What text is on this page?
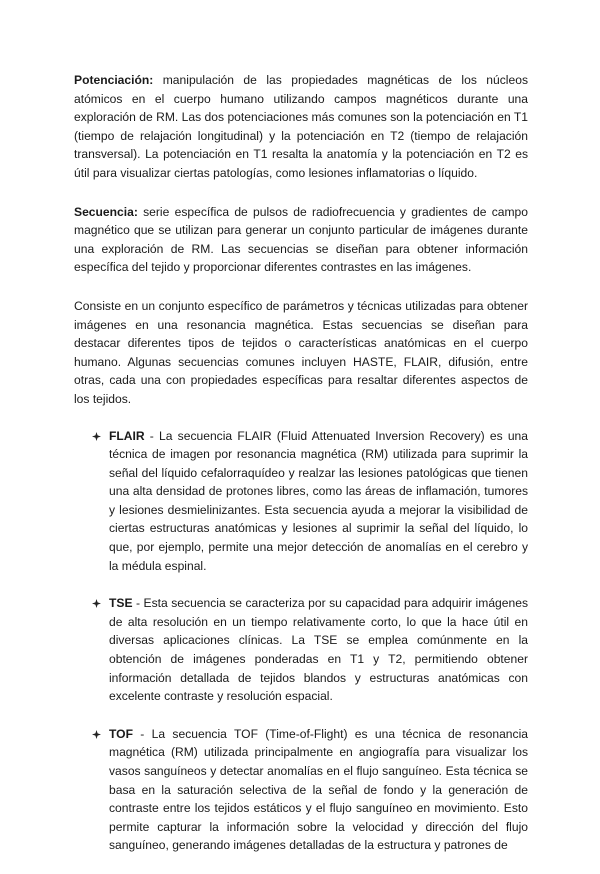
Potenciación: manipulación de las propiedades magnéticas de los núcleos atómicos en el cuerpo humano utilizando campos magnéticos durante una exploración de RM. Las dos potenciaciones más comunes son la potenciación en T1 (tiempo de relajación longitudinal) y la potenciación en T2 (tiempo de relajación transversal). La potenciación en T1 resalta la anatomía y la potenciación en T2 es útil para visualizar ciertas patologías, como lesiones inflamatorias o líquido.

Secuencia: serie específica de pulsos de radiofrecuencia y gradientes de campo magnético que se utilizan para generar un conjunto particular de imágenes durante una exploración de RM. Las secuencias se diseñan para obtener información específica del tejido y proporcionar diferentes contrastes en las imágenes.

Consiste en un conjunto específico de parámetros y técnicas utilizadas para obtener imágenes en una resonancia magnética. Estas secuencias se diseñan para destacar diferentes tipos de tejidos o características anatómicas en el cuerpo humano. Algunas secuencias comunes incluyen HASTE, FLAIR, difusión, entre otras, cada una con propiedades específicas para resaltar diferentes aspectos de los tejidos.

FLAIR - La secuencia FLAIR (Fluid Attenuated Inversion Recovery) es una técnica de imagen por resonancia magnética (RM) utilizada para suprimir la señal del líquido cefalorraquídeo y realzar las lesiones patológicas que tienen una alta densidad de protones libres, como las áreas de inflamación, tumores y lesiones desmielinizantes. Esta secuencia ayuda a mejorar la visibilidad de ciertas estructuras anatómicas y lesiones al suprimir la señal del líquido, lo que, por ejemplo, permite una mejor detección de anomalías en el cerebro y la médula espinal.

TSE - Esta secuencia se caracteriza por su capacidad para adquirir imágenes de alta resolución en un tiempo relativamente corto, lo que la hace útil en diversas aplicaciones clínicas. La TSE se emplea comúnmente en la obtención de imágenes ponderadas en T1 y T2, permitiendo obtener información detallada de tejidos blandos y estructuras anatómicas con excelente contraste y resolución espacial.

TOF - La secuencia TOF (Time-of-Flight) es una técnica de resonancia magnética (RM) utilizada principalmente en angiografía para visualizar los vasos sanguíneos y detectar anomalías en el flujo sanguíneo. Esta técnica se basa en la saturación selectiva de la señal de fondo y la generación de contraste entre los tejidos estáticos y el flujo sanguíneo en movimiento. Esto permite capturar la información sobre la velocidad y dirección del flujo sanguíneo, generando imágenes detalladas de la estructura y patrones de
